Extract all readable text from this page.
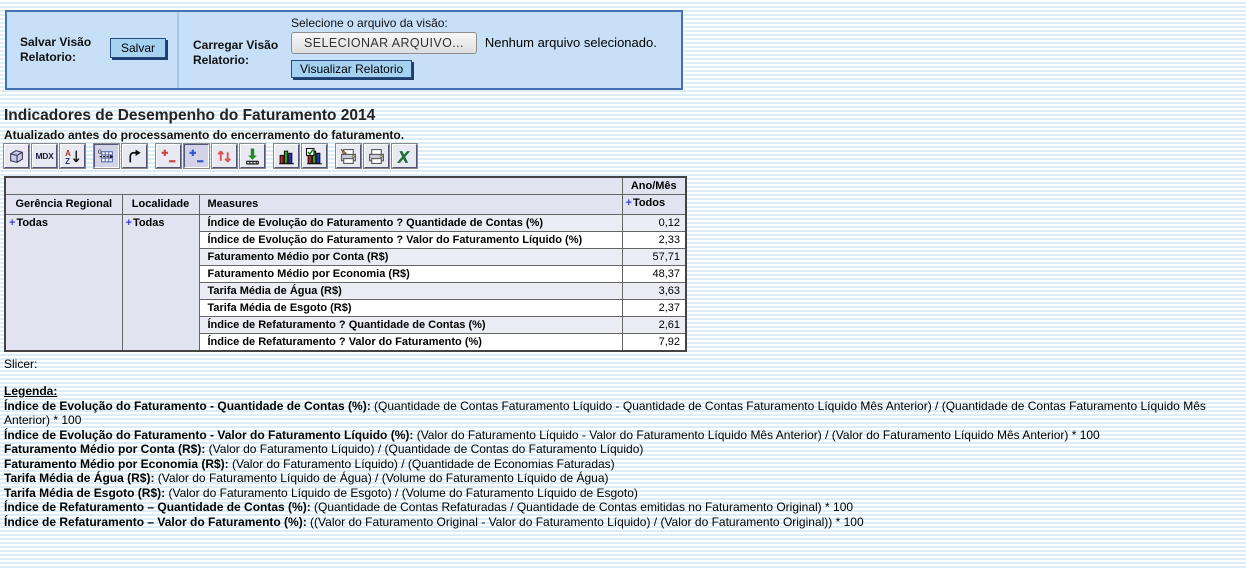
Salvar Visão Relatorio:
Salvar	Carregar Visão Relatorio:
Selecione o arquivo da visão:
SELECIONAR ARQUIVO... Nenhum arquivo selecionado.
Visualizar Relatorio
Indicadores de Desempenho do Faturamento 2014
Atualizado antes do processamento do encerramento do faturamento.
MDX A
Z
0	X
			Ano/Mês
Gerência Regional	Localidade	Measures	+Todos
+Todas	+Todas	Índice de Evolução do Faturamento ? Quantidade de Contas (%)	0,12
		Índice de Evolução do Faturamento ? Valor do Faturamento Líquido (%)	2,33
		Faturamento Médio por Conta (R$)	57,71
		Faturamento Médio por Economia (R$)	48,37
		Tarifa Média de Água (R$)	3,63
		Tarifa Média de Esgoto (R$)	2,37
		Índice de Refaturamento ? Quantidade de Contas (%)	2,61
		Índice de Refaturamento ? Valor do Faturamento (%)	7,92
Slicer:
Legenda:
Índice de Evolução do Faturamento - Quantidade de Contas (%): (Quantidade de Contas Faturamento Líquido - Quantidade de Contas Faturamento Líquido Mês Anterior) / (Quantidade de Contas Faturamento Líquido Mês Anterior) * 100
Índice de Evolução do Faturamento - Valor do Faturamento Líquido (%): (Valor do Faturamento Líquido - Valor do Faturamento Líquido Mês Anterior) / (Valor do Faturamento Líquido Mês Anterior) * 100
Faturamento Médio por Conta (R$): (Valor do Faturamento Líquido) / (Quantidade de Contas do Faturamento Líquido)
Faturamento Médio por Economia (R$): (Valor do Faturamento Líquido) / (Quantidade de Economias Faturadas)
Tarifa Média de Água (R$): (Valor do Faturamento Líquido de Água) / (Volume do Faturamento Líquido de Água)
Tarifa Média de Esgoto (R$): (Valor do Faturamento Líquido de Esgoto) / (Volume do Faturamento Líquido de Esgoto)
Índice de Refaturamento – Quantidade de Contas (%): (Quantidade de Contas Refaturadas / Quantidade de Contas emitidas no Faturamento Original) * 100
Índice de Refaturamento – Valor do Faturamento (%): ((Valor do Faturamento Original - Valor do Faturamento Líquido) / (Valor do Faturamento Original)) * 100
